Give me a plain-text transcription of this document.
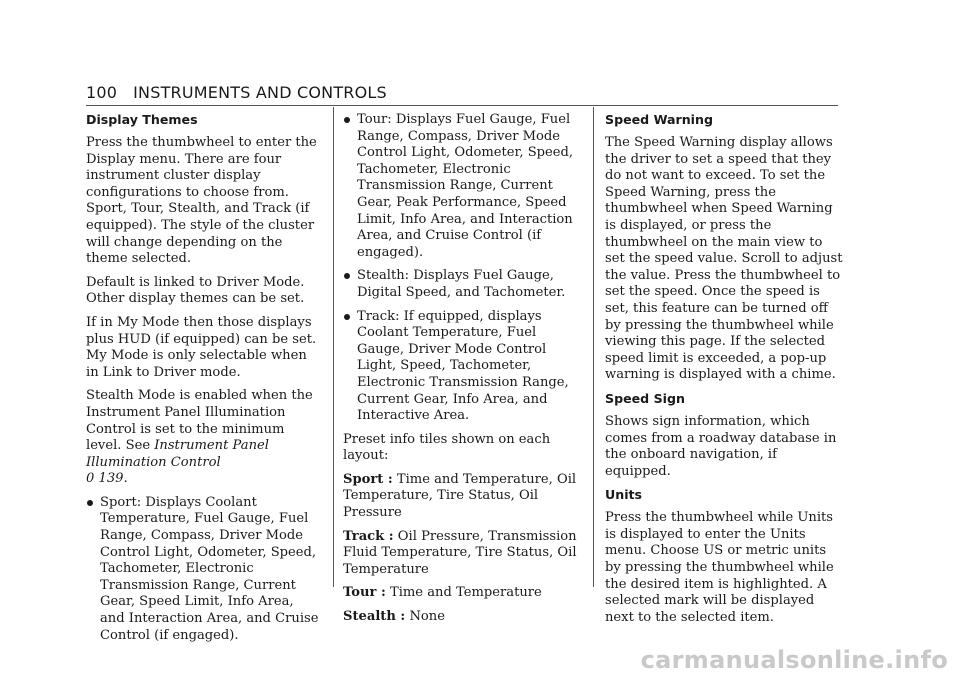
100 INSTRUMENTS AND CONTROLS
Display Themes

Press the thumbwheel to enter the Display menu. There are four instrument cluster display configurations to choose from. Sport, Tour, Stealth, and Track (if equipped). The style of the cluster will change depending on the theme selected.

Default is linked to Driver Mode. Other display themes can be set.

If in My Mode then those displays plus HUD (if equipped) can be set. My Mode is only selectable when in Link to Driver mode.

Stealth Mode is enabled when the Instrument Panel Illumination Control is set to the minimum level. See Instrument Panel Illumination Control
0 139.

Sport: Displays Coolant Temperature, Fuel Gauge, Fuel Range, Compass, Driver Mode Control Light, Odometer, Speed, Tachometer, Electronic Transmission Range, Current Gear, Speed Limit, Info Area, and Interaction Area, and Cruise Control (if engaged).
Tour: Displays Fuel Gauge, Fuel Range, Compass, Driver Mode Control Light, Odometer, Speed, Tachometer, Electronic Transmission Range, Current Gear, Peak Performance, Speed Limit, Info Area, and Interaction Area, and Cruise Control (if engaged).
Stealth: Displays Fuel Gauge, Digital Speed, and Tachometer.
Track: If equipped, displays Coolant Temperature, Fuel Gauge, Driver Mode Control Light, Speed, Tachometer, Electronic Transmission Range, Current Gear, Info Area, and Interactive Area.

Preset info tiles shown on each layout:

Sport : Time and Temperature, Oil Temperature, Tire Status, Oil Pressure

Track : Oil Pressure, Transmission Fluid Temperature, Tire Status, Oil Temperature

Tour : Time and Temperature

Stealth : None

Speed Warning

The Speed Warning display allows the driver to set a speed that they do not want to exceed. To set the Speed Warning, press the thumbwheel when Speed Warning is displayed, or press the thumbwheel on the main view to set the speed value. Scroll to adjust the value. Press the thumbwheel to set the speed. Once the speed is set, this feature can be turned off by pressing the thumbwheel while viewing this page. If the selected speed limit is exceeded, a pop-up warning is displayed with a chime.

Speed Sign

Shows sign information, which comes from a roadway database in the onboard navigation, if equipped.

Units

Press the thumbwheel while Units is displayed to enter the Units menu. Choose US or metric units by pressing the thumbwheel while the desired item is highlighted. A selected mark will be displayed next to the selected item.

carmanualsonline.info
